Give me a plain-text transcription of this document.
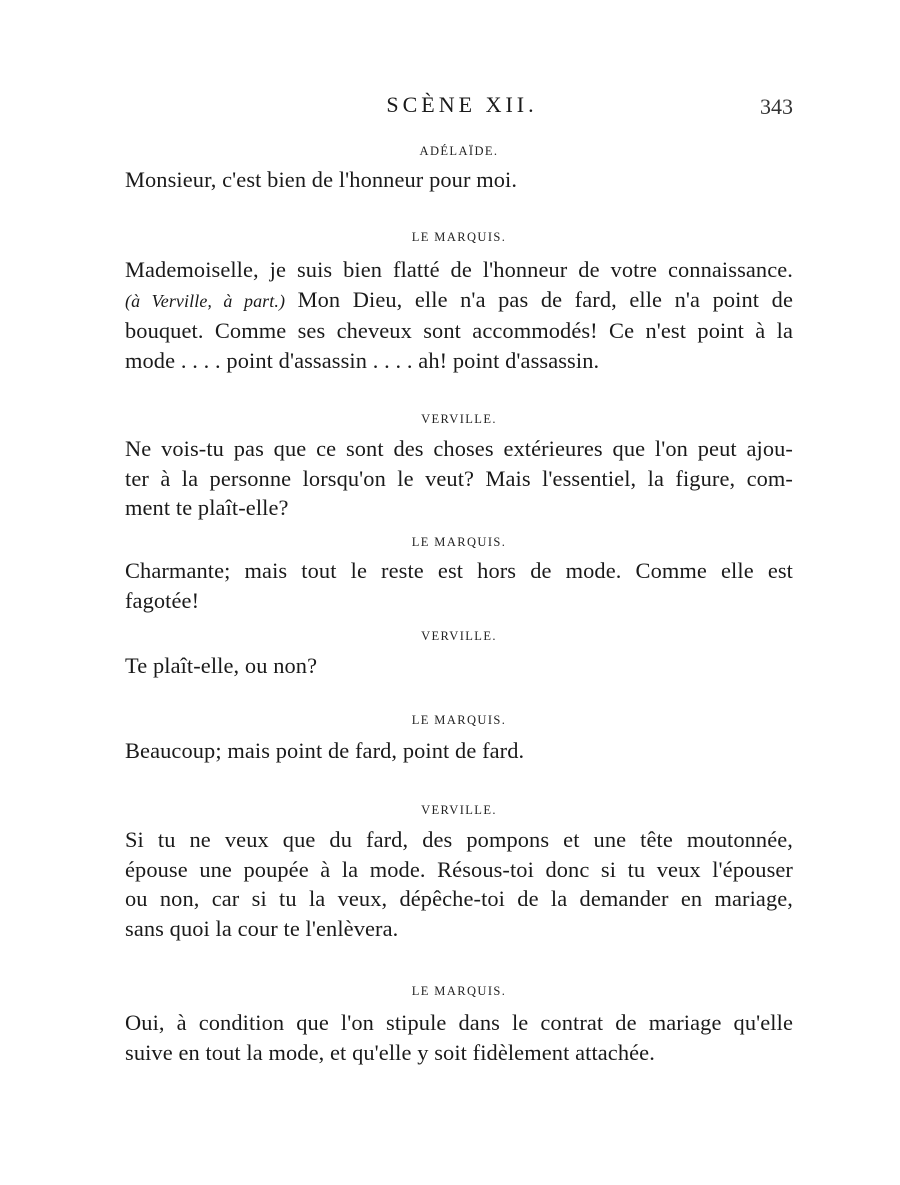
SCÈNE XII.	343
ADÉLAÏDE.
Monsieur, c'est bien de l'honneur pour moi.
LE MARQUIS.
Mademoiselle, je suis bien flatté de l'honneur de votre connaissance.
(à Verville, à part.) Mon Dieu, elle n'a pas de fard, elle n'a point de
bouquet. Comme ses cheveux sont accommodés! Ce n'est point à la
mode . . . . point d'assassin . . . . ah! point d'assassin.
VERVILLE.
Ne vois-tu pas que ce sont des choses extérieures que l'on peut ajou-
ter à la personne lorsqu'on le veut? Mais l'essentiel, la figure, com-
ment te plaît-elle?
LE MARQUIS.
Charmante; mais tout le reste est hors de mode. Comme elle est
fagotée!
VERVILLE.
Te plaît-elle, ou non?
LE MARQUIS.
Beaucoup; mais point de fard, point de fard.
VERVILLE.
Si tu ne veux que du fard, des pompons et une tête moutonnée,
épouse une poupée à la mode. Résous-toi donc si tu veux l'épouser
ou non, car si tu la veux, dépêche-toi de la demander en mariage,
sans quoi la cour te l'enlèvera.
LE MARQUIS.
Oui, à condition que l'on stipule dans le contrat de mariage qu'elle
suive en tout la mode, et qu'elle y soit fidèlement attachée.
